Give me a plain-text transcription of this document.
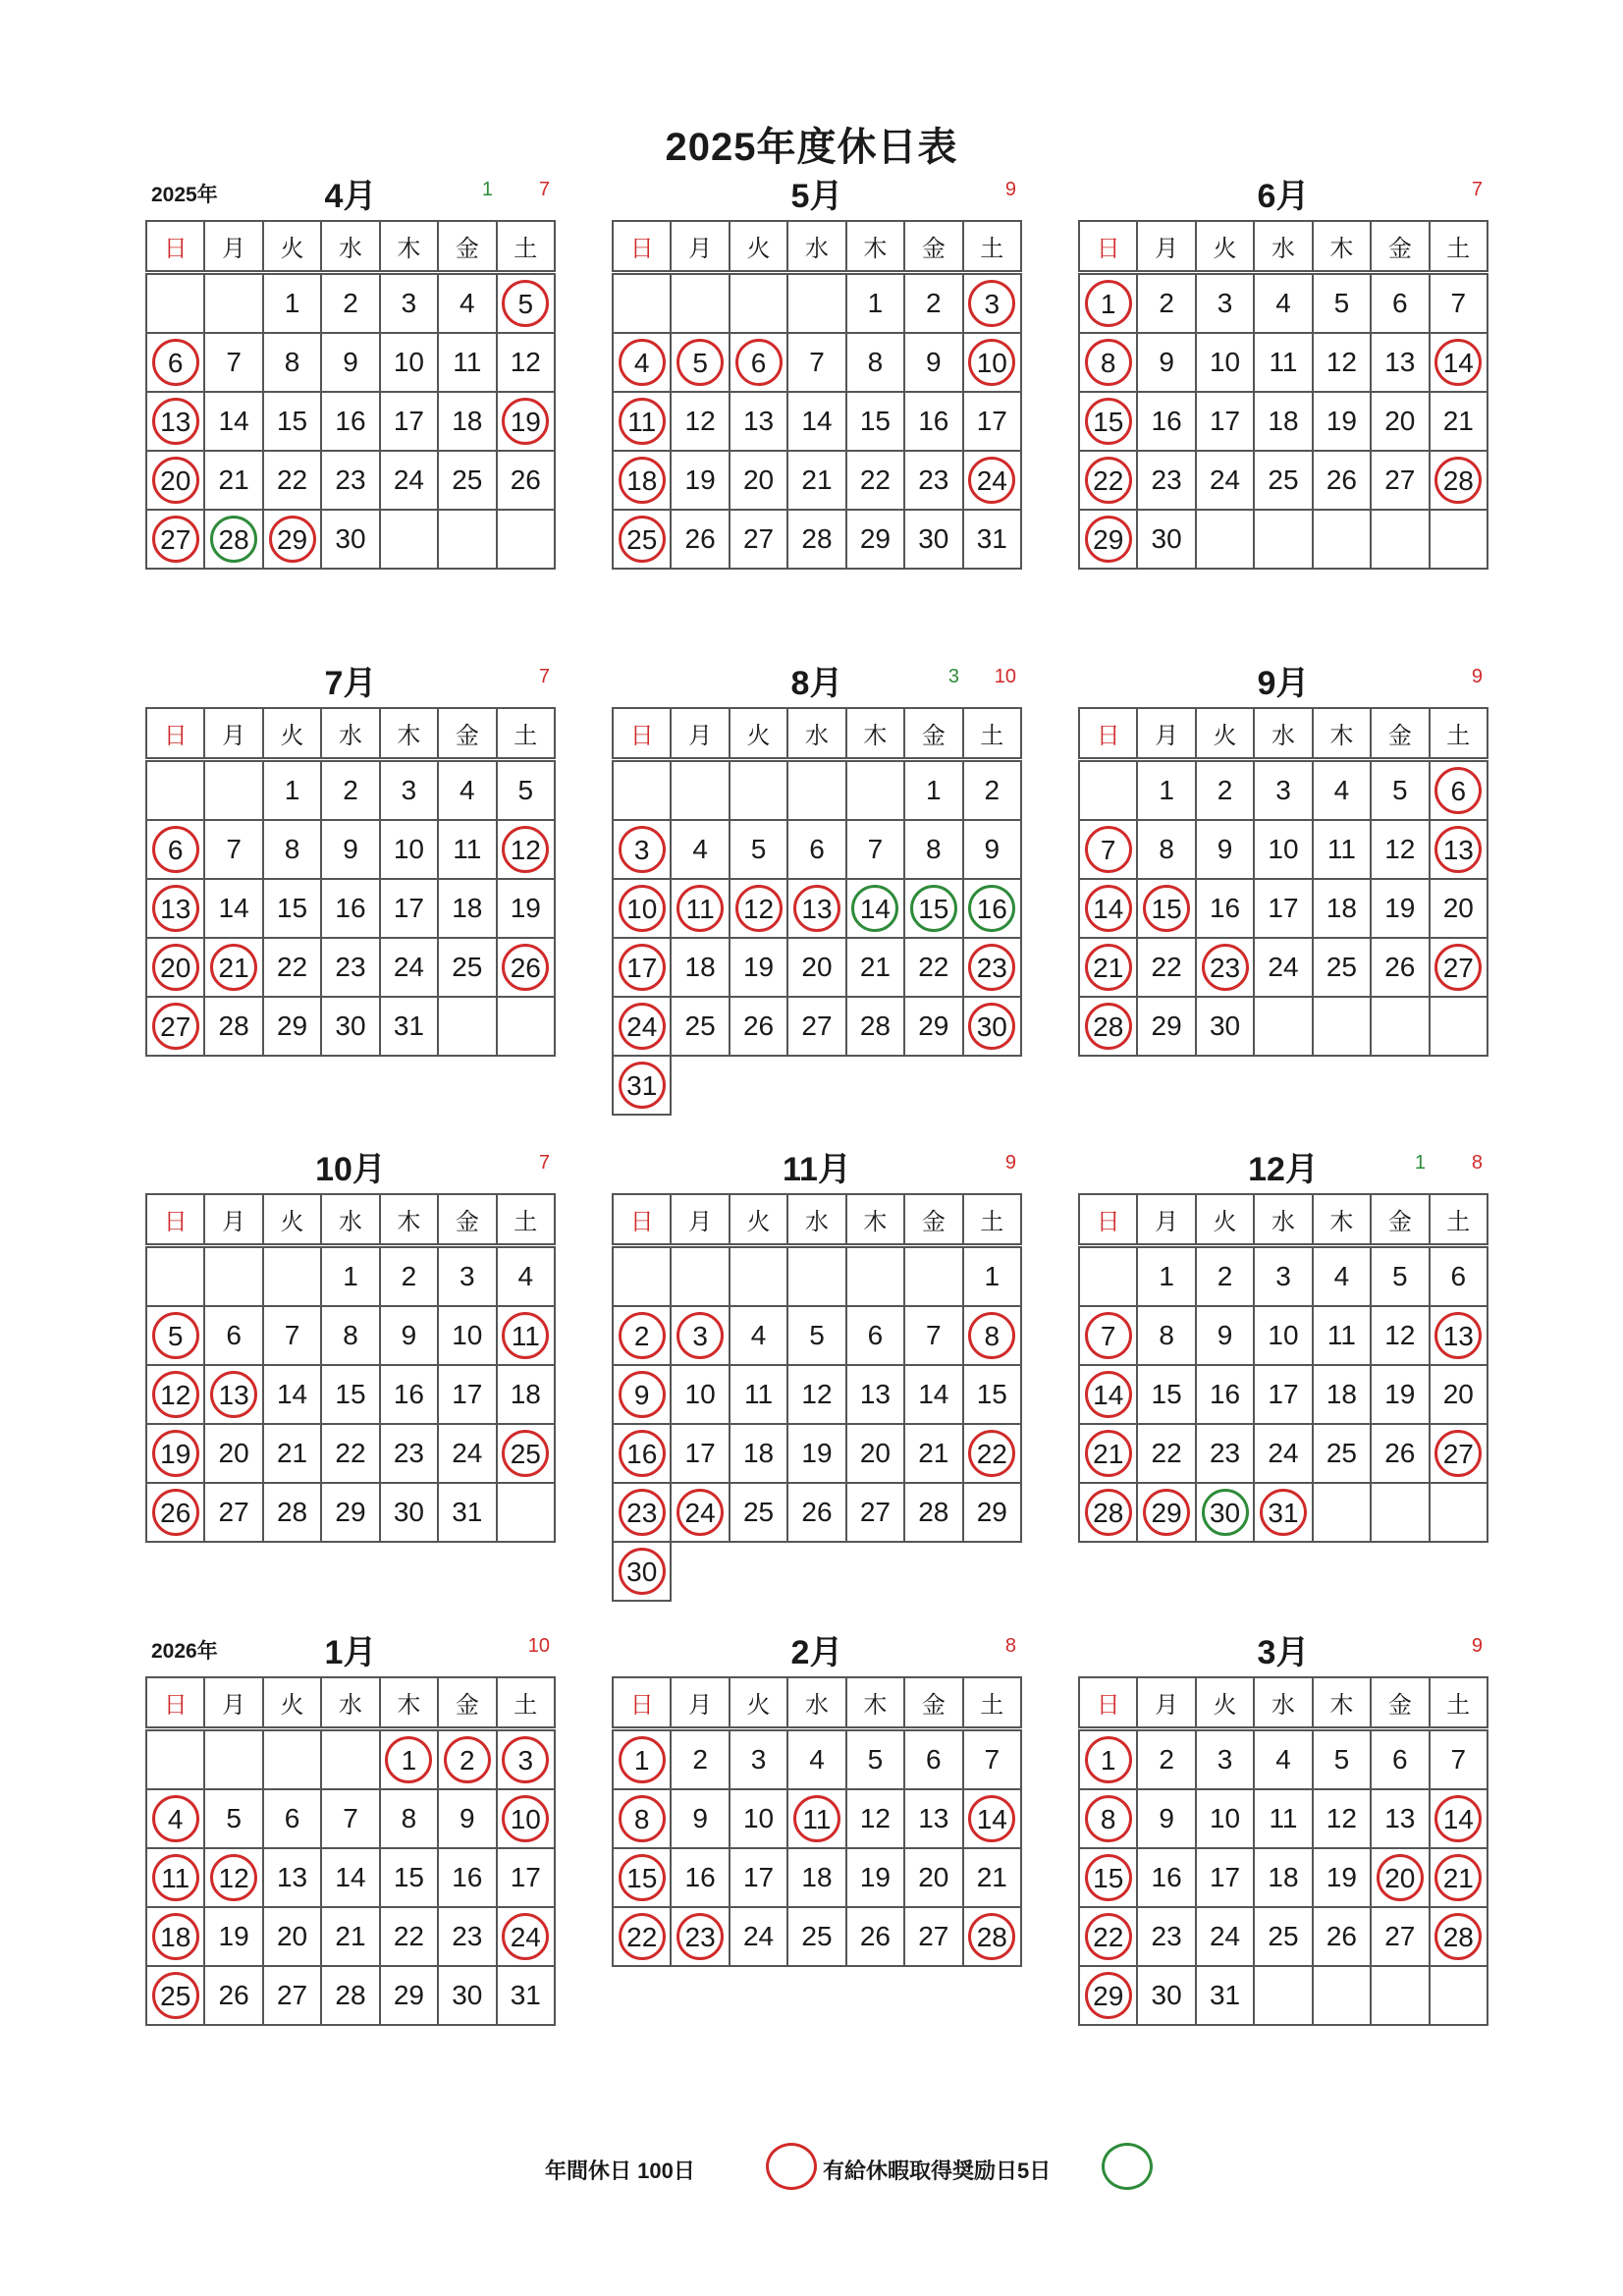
2025年度休日表
2025年	4月	1 7
日	月	火	水	木	金	土
		1	2	3	4	5
6	7	8	9	10	11	12
13	14	15	16	17	18	19
20	21	22	23	24	25	26
27	28	29	30			
5月	9
日	月	火	水	木	金	土
				1	2	3
4	5	6	7	8	9	10
11	12	13	14	15	16	17
18	19	20	21	22	23	24
25	26	27	28	29	30	31
6月	7
日	月	火	水	木	金	土
1	2	3	4	5	6	7
8	9	10	11	12	13	14
15	16	17	18	19	20	21
22	23	24	25	26	27	28
29	30					
7月	7
日	月	火	水	木	金	土
		1	2	3	4	5
6	7	8	9	10	11	12
13	14	15	16	17	18	19
20	21	22	23	24	25	26
27	28	29	30	31		
8月	3 10
日	月	火	水	木	金	土
					1	2
3	4	5	6	7	8	9
10	11	12	13	14	15	16
17	18	19	20	21	22	23
24	25	26	27	28	29	30
31						
9月	9
日	月	火	水	木	金	土
	1	2	3	4	5	6
7	8	9	10	11	12	13
14	15	16	17	18	19	20
21	22	23	24	25	26	27
28	29	30				
10月	7
日	月	火	水	木	金	土
			1	2	3	4
5	6	7	8	9	10	11
12	13	14	15	16	17	18
19	20	21	22	23	24	25
26	27	28	29	30	31	
11月	9
日	月	火	水	木	金	土
						1
2	3	4	5	6	7	8
9	10	11	12	13	14	15
16	17	18	19	20	21	22
23	24	25	26	27	28	29
30						
12月	1 8
日	月	火	水	木	金	土
	1	2	3	4	5	6
7	8	9	10	11	12	13
14	15	16	17	18	19	20
21	22	23	24	25	26	27
28	29	30	31			
2026年	1月	10
日	月	火	水	木	金	土
				1	2	3
4	5	6	7	8	9	10
11	12	13	14	15	16	17
18	19	20	21	22	23	24
25	26	27	28	29	30	31
2月	8
日	月	火	水	木	金	土
1	2	3	4	5	6	7
8	9	10	11	12	13	14
15	16	17	18	19	20	21
22	23	24	25	26	27	28
3月	9
日	月	火	水	木	金	土
1	2	3	4	5	6	7
8	9	10	11	12	13	14
15	16	17	18	19	20	21
22	23	24	25	26	27	28
29	30	31				
年間休日 100日	有給休暇取得奨励日5日
